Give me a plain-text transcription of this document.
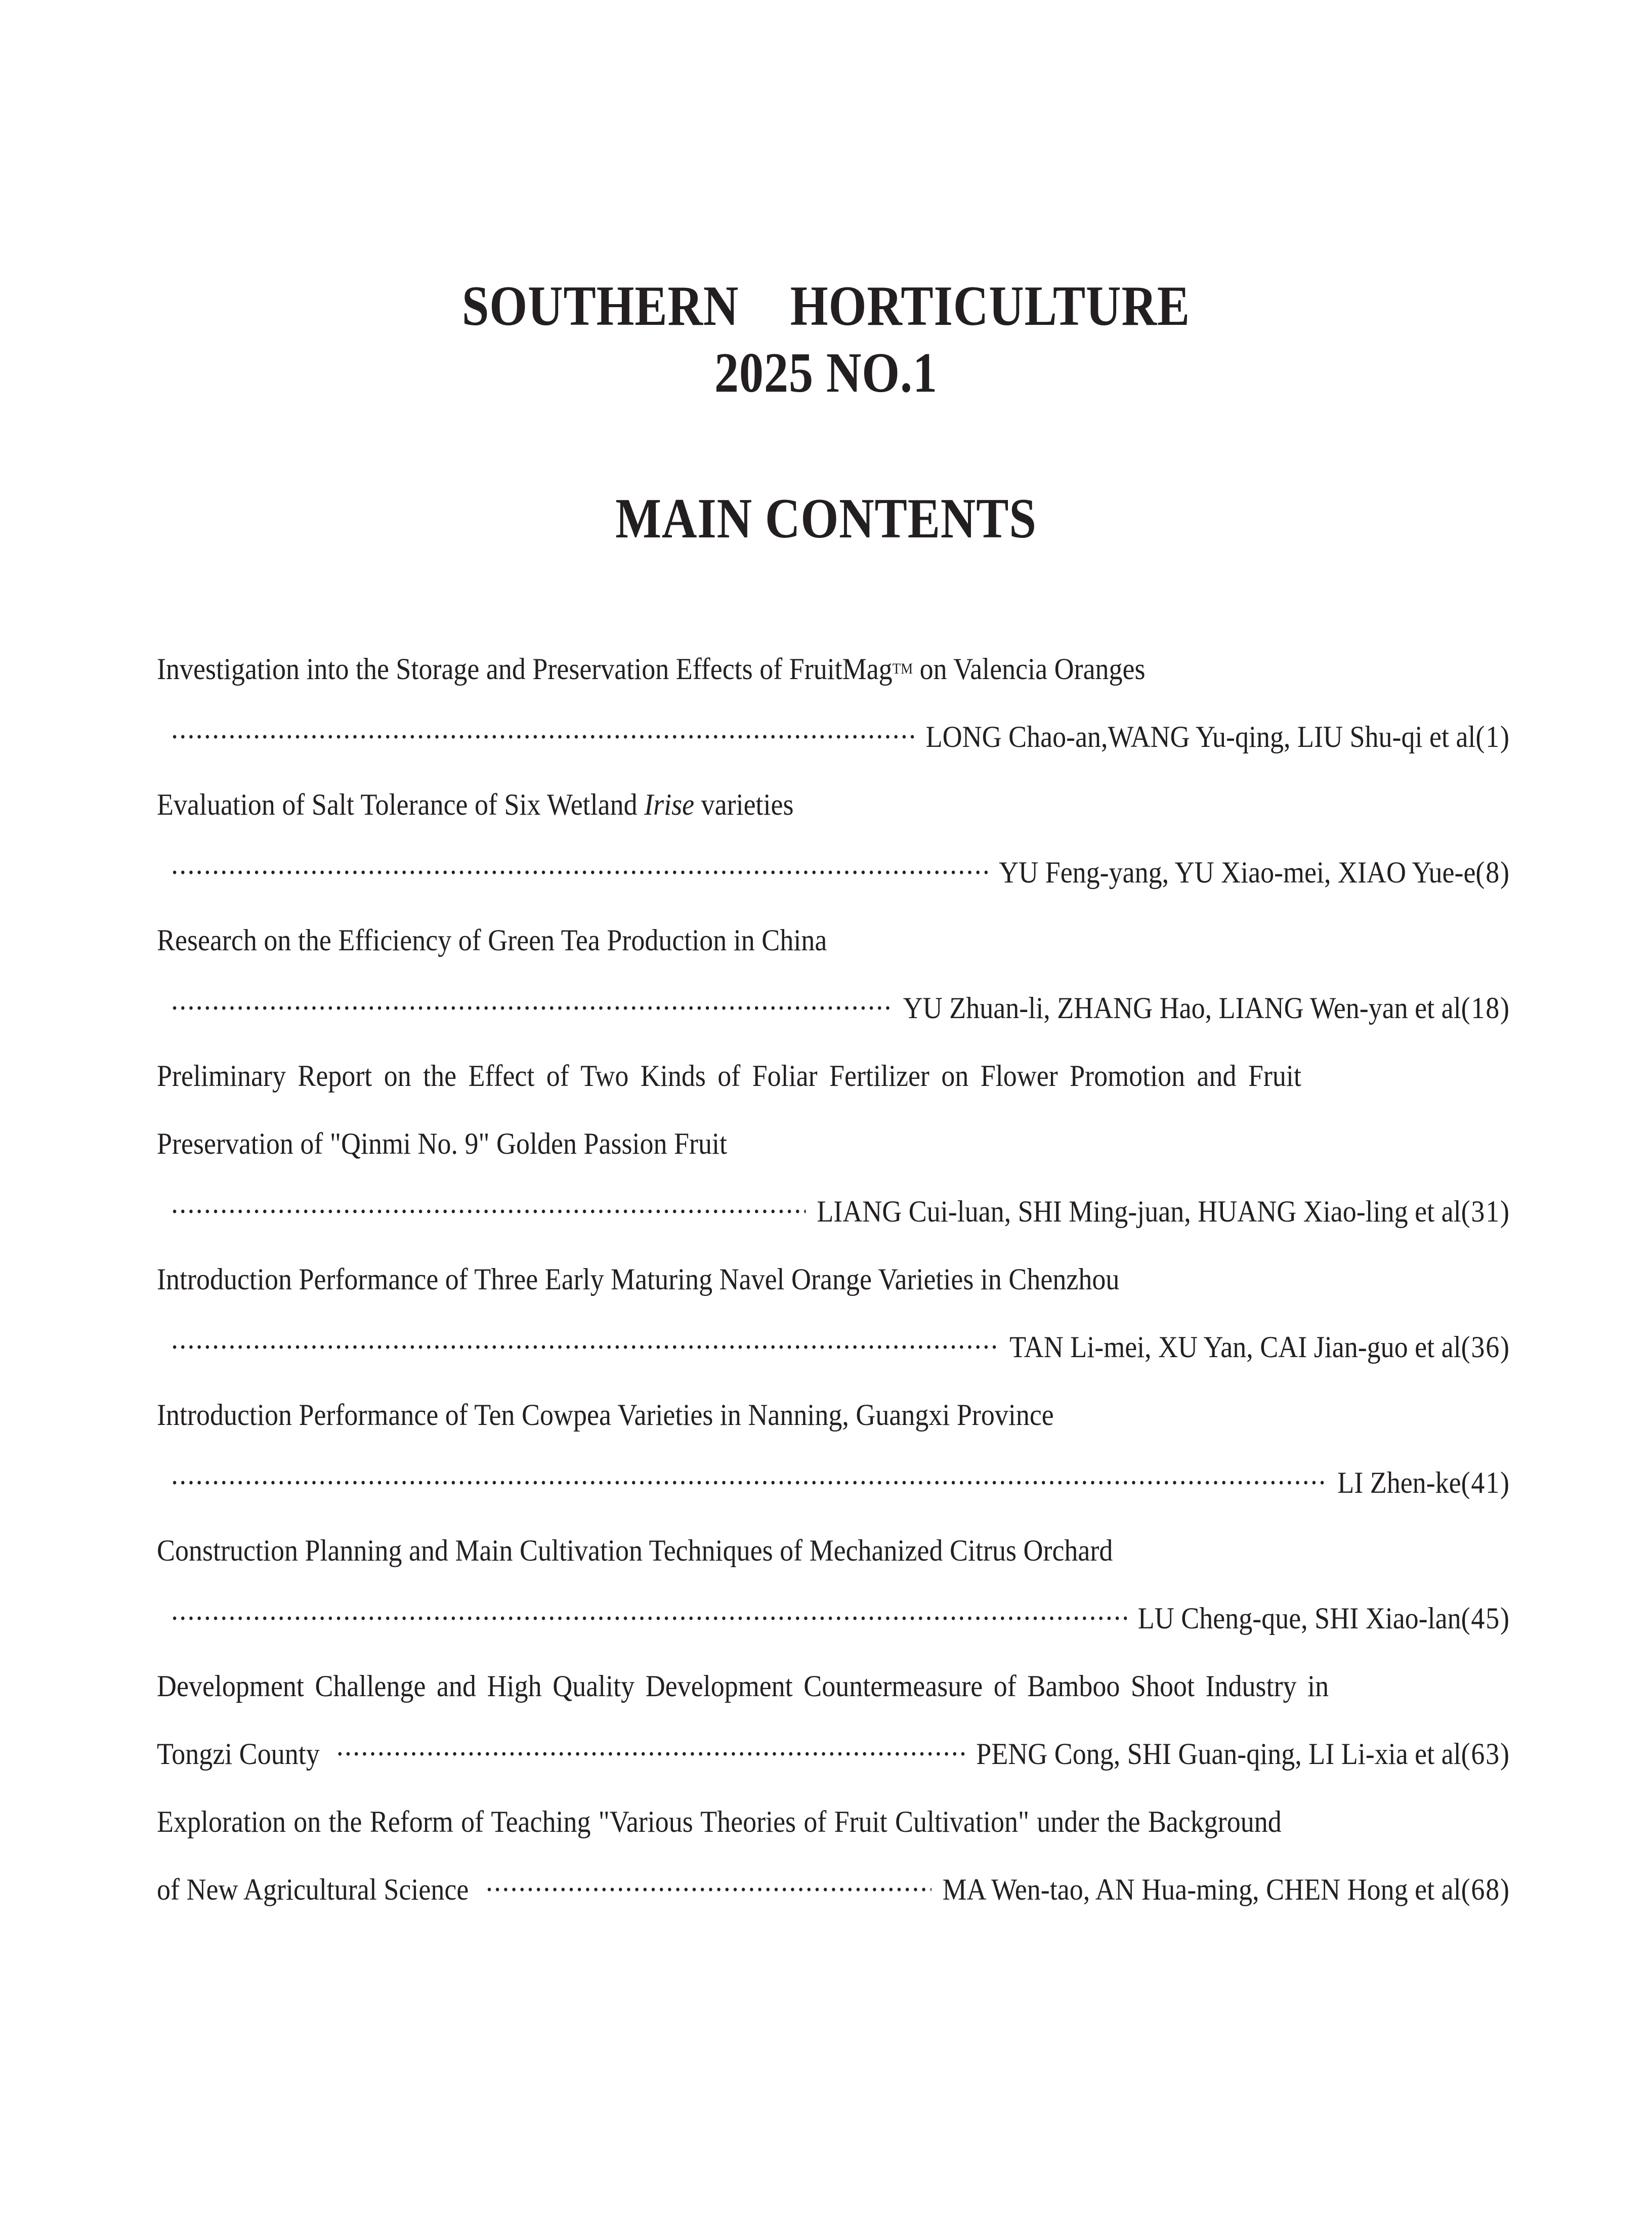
SOUTHERN  HORTICULTURE
2025 NO.1
MAIN CONTENTS
Investigation into the Storage and Preservation Effects of FruitMag TM on Valencia Oranges
LONG Chao-an,WANG Yu-qing, LIU Shu-qi et al (1)
Evaluation of Salt Tolerance of Six Wetland Irise varieties
YU Feng-yang, YU Xiao-mei, XIAO Yue-e (8)
Research on the Efficiency of Green Tea Production in China
YU Zhuan-li, ZHANG Hao, LIANG Wen-yan et al (18)
Preliminary Report on the Effect of Two Kinds of Foliar Fertilizer on Flower Promotion and Fruit
Preservation of "Qinmi No. 9" Golden Passion Fruit
LIANG Cui-luan, SHI Ming-juan, HUANG Xiao-ling et al (31)
Introduction Performance of Three Early Maturing Navel Orange Varieties in Chenzhou
TAN Li-mei, XU Yan, CAI Jian-guo et al (36)
Introduction Performance of Ten Cowpea Varieties in Nanning, Guangxi Province
LI Zhen-ke (41)
Construction Planning and Main Cultivation Techniques of Mechanized Citrus Orchard
LU Cheng-que, SHI Xiao-lan (45)
Development Challenge and High Quality Development Countermeasure of Bamboo Shoot Industry in
Tongzi County	PENG Cong, SHI Guan-qing, LI Li-xia et al (63)
Exploration on the Reform of Teaching "Various Theories of Fruit Cultivation" under the Background
of New Agricultural Science	MA Wen-tao, AN Hua-ming, CHEN Hong et al (68)
